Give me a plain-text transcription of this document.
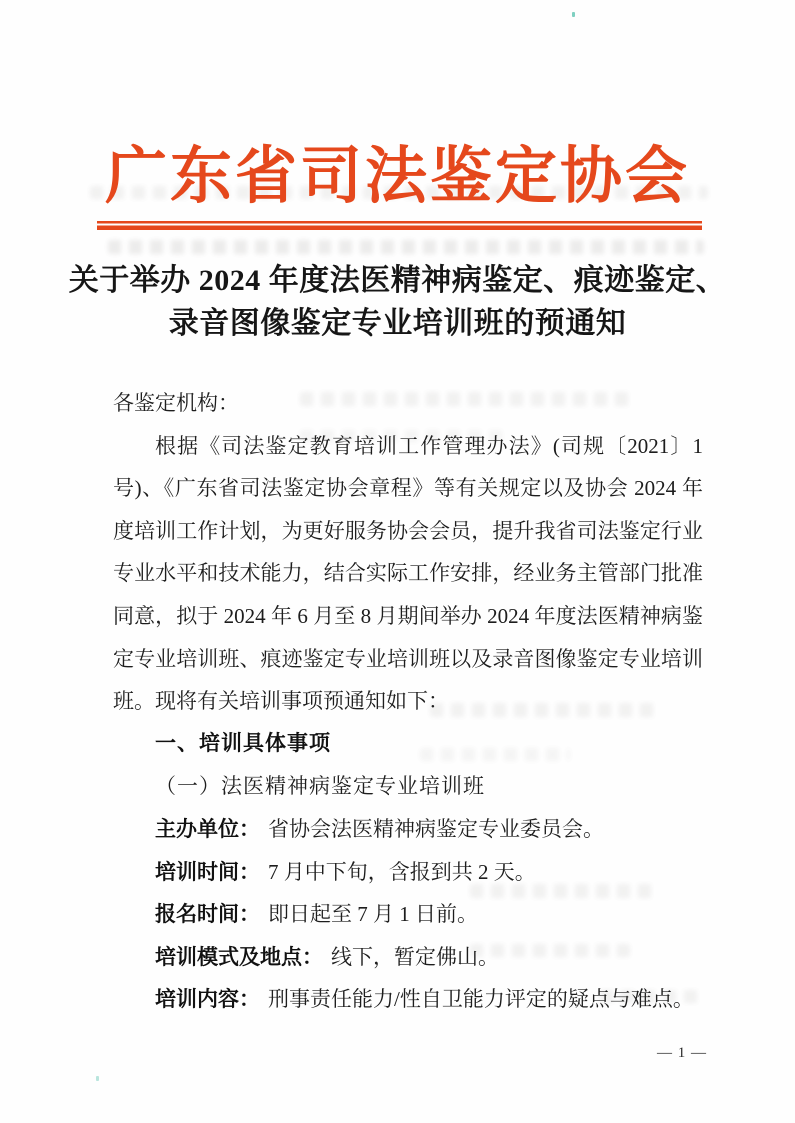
广东省司法鉴定协会
关于举办 2024 年度法医精神病鉴定、痕迹鉴定、
录音图像鉴定专业培训班的预通知
各鉴定机构：
根据《司法鉴定教育培训工作管理办法》(司规〔2021〕1
号)、《广东省司法鉴定协会章程》等有关规定以及协会 2024 年
度培训工作计划，为更好服务协会会员，提升我省司法鉴定行业
专业水平和技术能力，结合实际工作安排，经业务主管部门批准
同意，拟于 2024 年 6 月至 8 月期间举办 2024 年度法医精神病鉴
定专业培训班、痕迹鉴定专业培训班以及录音图像鉴定专业培训
班。现将有关培训事项预通知如下：
一、培训具体事项
（一）法医精神病鉴定专业培训班
主办单位： 省协会法医精神病鉴定专业委员会。
培训时间： 7 月中下旬，含报到共 2 天。
报名时间： 即日起至 7 月 1 日前。
培训模式及地点： 线下，暂定佛山。
培训内容： 刑事责任能力/性自卫能力评定的疑点与难点。
— 1 —
